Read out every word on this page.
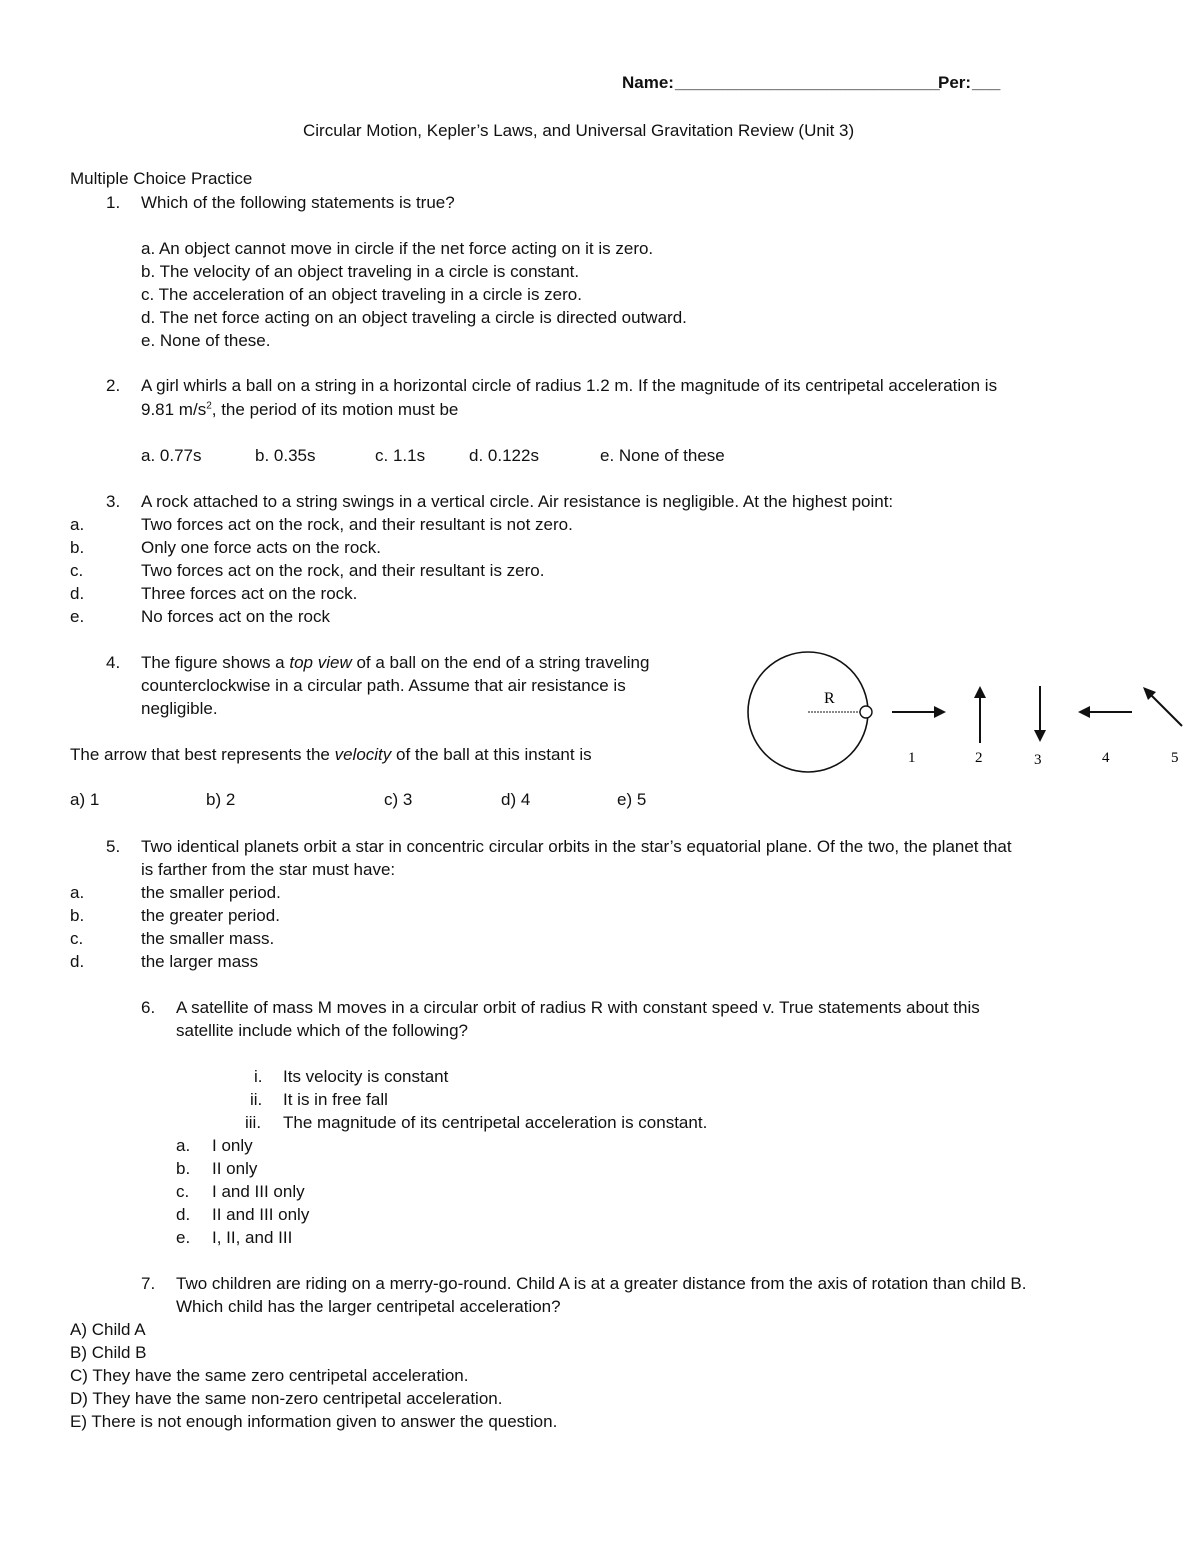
Name: ____________________________
Per: ___
Circular Motion, Kepler’s Laws, and Universal Gravitation Review (Unit 3)
Multiple Choice Practice
1. Which of the following statements is true?
a. An object cannot move in circle if the net force acting on it is zero.
b. The velocity of an object traveling in a circle is constant.
c. The acceleration of an object traveling in a circle is zero.
d. The net force acting on an object traveling a circle is directed outward.
e. None of these.
2. A girl whirls a ball on a string in a horizontal circle of radius 1.2 m. If the magnitude of its centripetal acceleration is
9.81 $m/s^2$, the period of its motion must be
a. 0.77s	b. 0.35s	c. 1.1s	d. 0.122s	e. None of these
3. A rock attached to a string swings in a vertical circle. Air resistance is negligible. At the highest point:
a.	Two forces act on the rock, and their resultant is not zero.
b.	Only one force acts on the rock.
c.	Two forces act on the rock, and their resultant is zero.
d.	Three forces act on the rock.
e.	No forces act on the rock
4. The figure shows a top view of a ball on the end of a string traveling
counterclockwise in a circular path. Assume that air resistance is
negligible.
The arrow that best represents the velocity of the ball at this instant is
a) 1	b) 2	c) 3	d) 4	e) 5
R
1	2	3	4	5
5. Two identical planets orbit a star in concentric circular orbits in the star’s equatorial plane. Of the two, the planet that
is farther from the star must have:
a.	the smaller period.
b.	the greater period.
c.	the smaller mass.
d.	the larger mass
6. A satellite of mass M moves in a circular orbit of radius R with constant speed v. True statements about this
satellite include which of the following?
i. Its velocity is constant
ii. It is in free fall
iii. The magnitude of its centripetal acceleration is constant.
a. I only
b. II only
c. I and III only
d. II and III only
e. I, II, and III
7. Two children are riding on a merry-go-round. Child A is at a greater distance from the axis of rotation than child B.
Which child has the larger centripetal acceleration?
A) Child A
B) Child B
C) They have the same zero centripetal acceleration.
D) They have the same non-zero centripetal acceleration.
E) There is not enough information given to answer the question.
